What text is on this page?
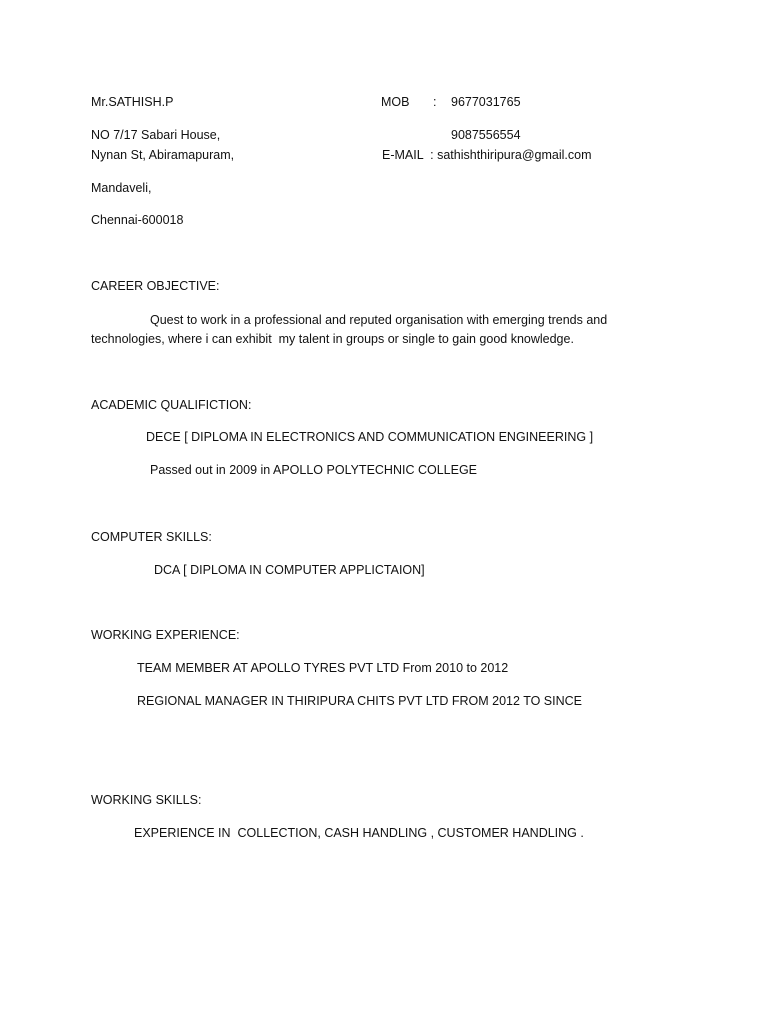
Mr.SATHISH.P
NO 7/17 Sabari House,
Nynan St, Abiramapuram,
Mandaveli,
Chennai-600018
MOB : 9677031765
9087556554
E-MAIL  : sathishthiripura@gmail.com
CAREER OBJECTIVE:
Quest to work in a professional and reputed organisation with emerging trends and
technologies, where i can exhibit  my talent in groups or single to gain good knowledge.
ACADEMIC QUALIFICTION:
DECE [ DIPLOMA IN ELECTRONICS AND COMMUNICATION ENGINEERING ]
Passed out in 2009 in APOLLO POLYTECHNIC COLLEGE
COMPUTER SKILLS:
DCA [ DIPLOMA IN COMPUTER APPLICTAION]
WORKING EXPERIENCE:
TEAM MEMBER AT APOLLO TYRES PVT LTD From 2010 to 2012
REGIONAL MANAGER IN THIRIPURA CHITS PVT LTD FROM 2012 TO SINCE
WORKING SKILLS:
EXPERIENCE IN  COLLECTION, CASH HANDLING , CUSTOMER HANDLING .
